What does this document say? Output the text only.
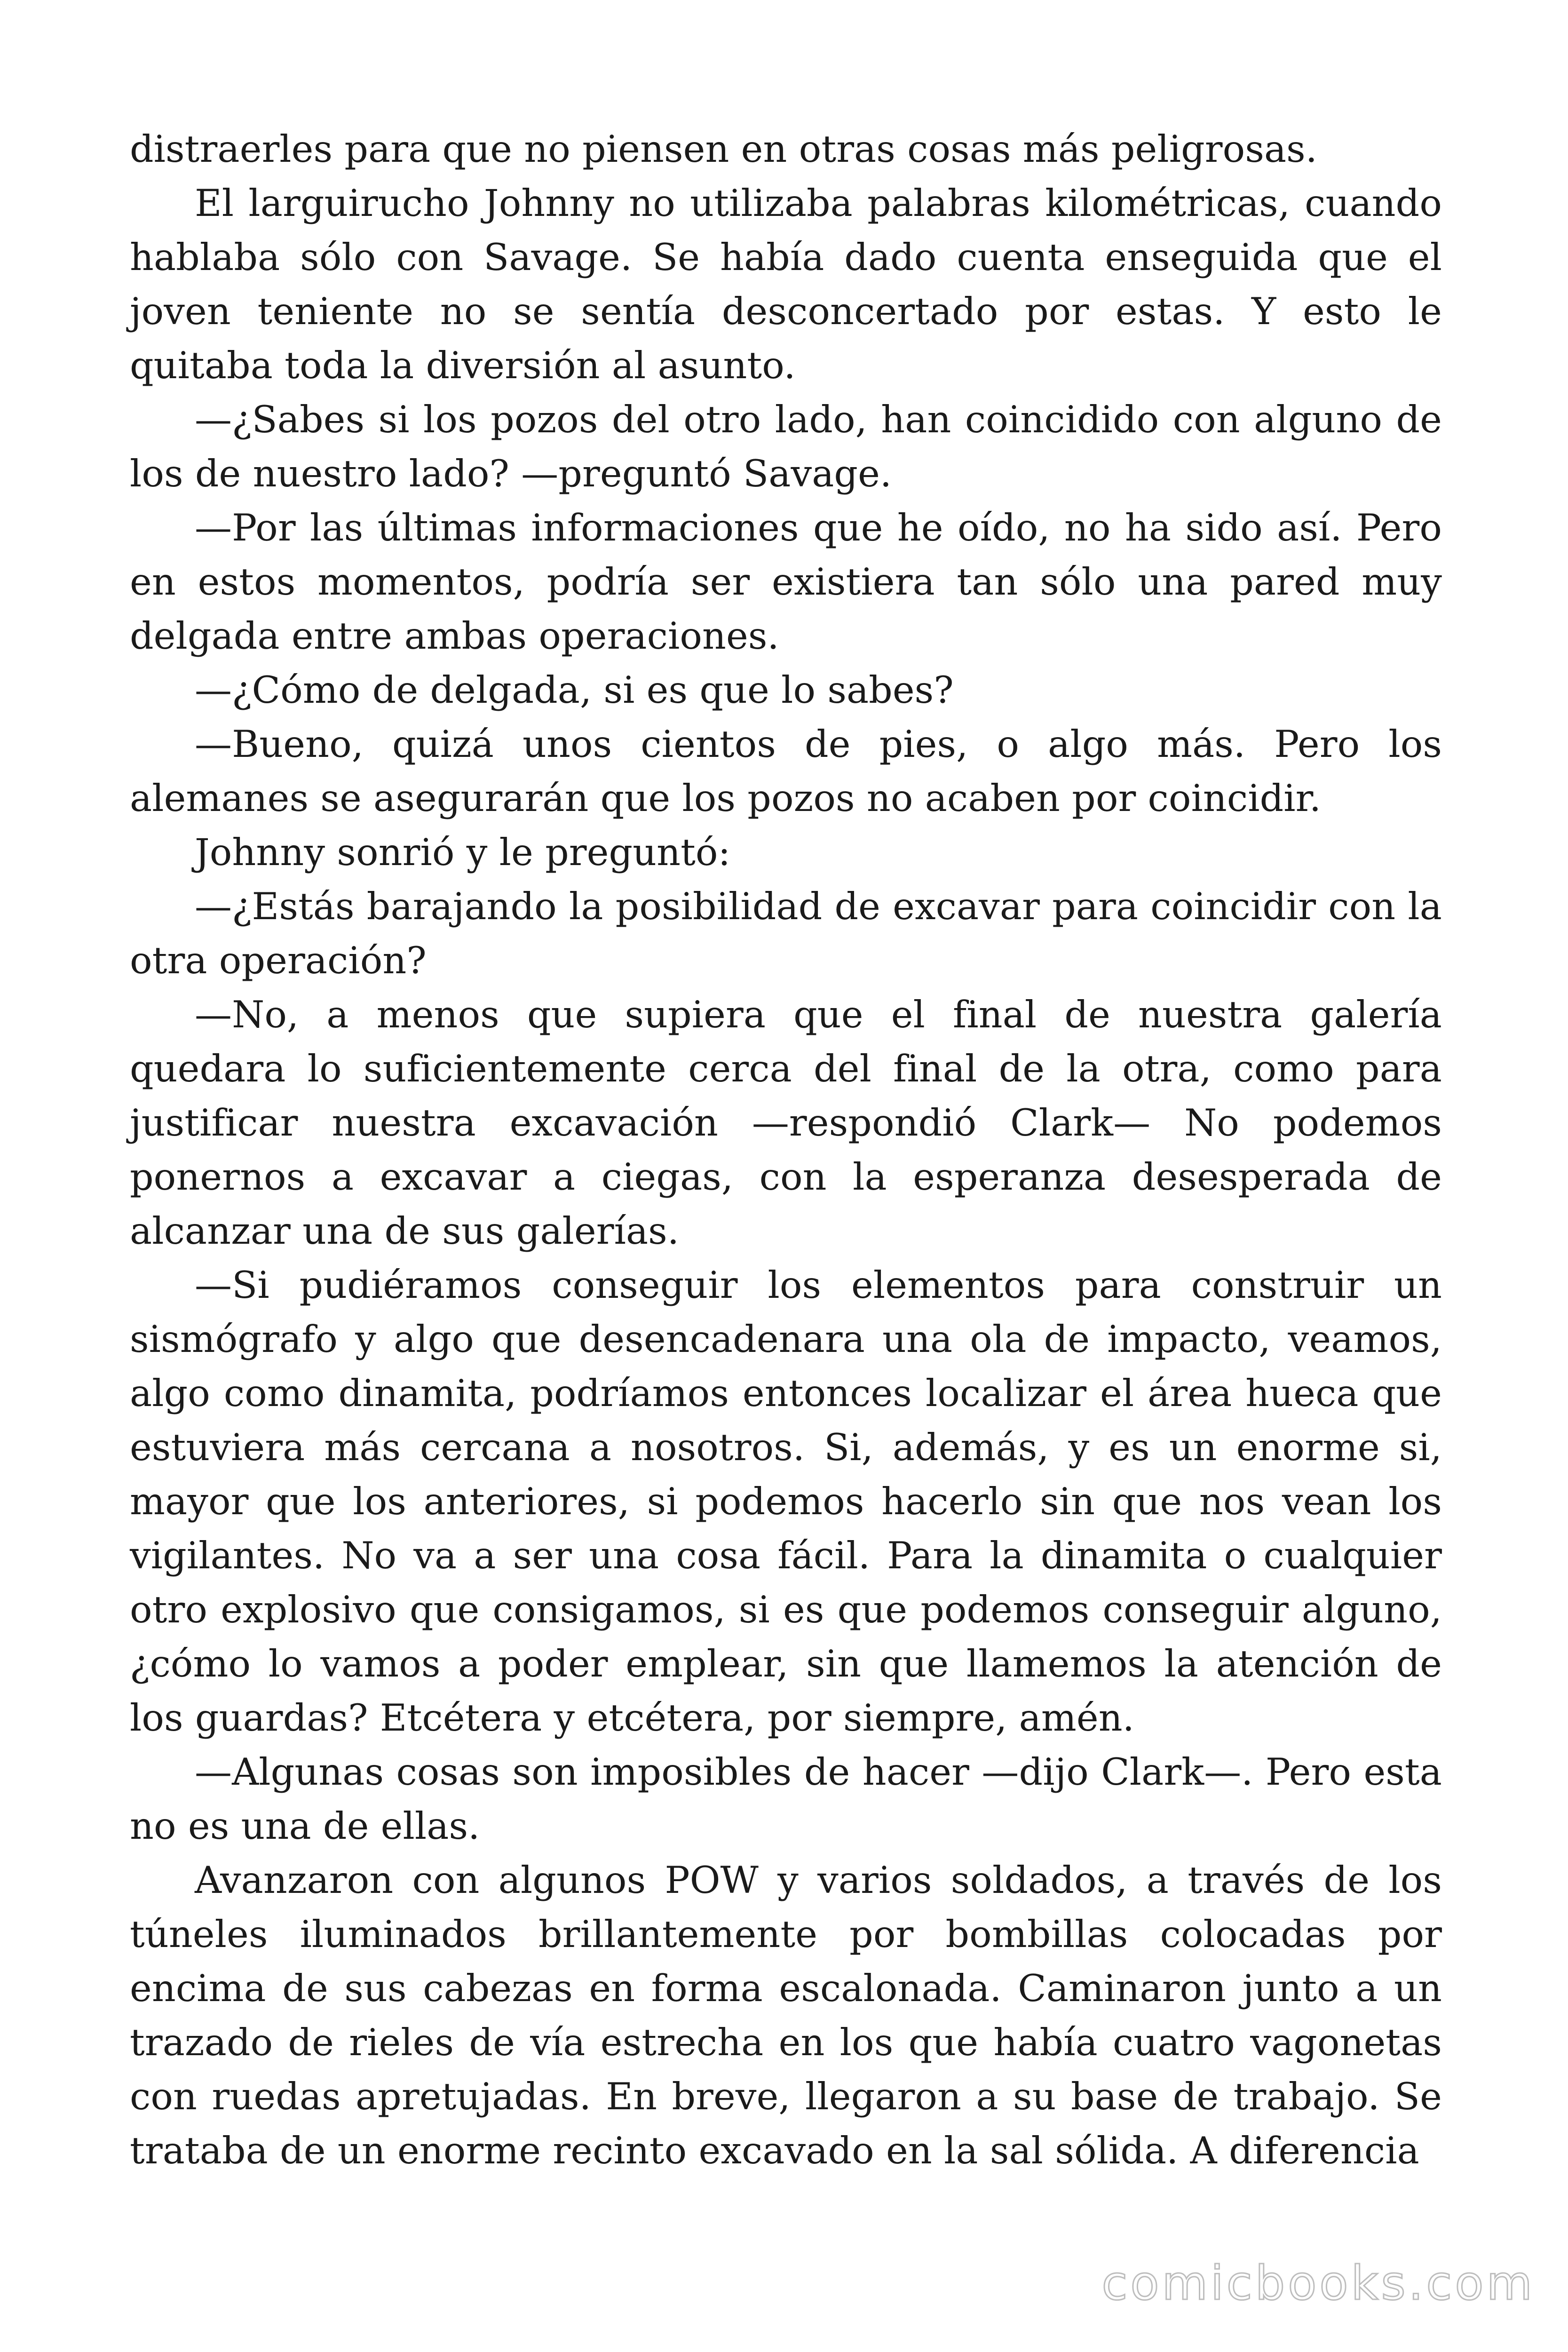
distraerles para que no piensen en otras cosas más peligrosas.

El larguirucho Johnny no utilizaba palabras kilométricas, cuando hablaba sólo con Savage. Se había dado cuenta enseguida que el joven teniente no se sentía desconcertado por estas. Y esto le quitaba toda la diversión al asunto.

—¿Sabes si los pozos del otro lado, han coincidido con alguno de los de nuestro lado? —preguntó Savage.

—Por las últimas informaciones que he oído, no ha sido así. Pero en estos momentos, podría ser existiera tan sólo una pared muy delgada entre ambas operaciones.

—¿Cómo de delgada, si es que lo sabes?

—Bueno, quizá unos cientos de pies, o algo más. Pero los alemanes se asegurarán que los pozos no acaben por coincidir.

Johnny sonrió y le preguntó:

—¿Estás barajando la posibilidad de excavar para coincidir con la otra operación?

—No, a menos que supiera que el final de nuestra galería quedara lo suficientemente cerca del final de la otra, como para justificar nuestra excavación —respondió Clark— No podemos ponernos a excavar a ciegas, con la esperanza desesperada de alcanzar una de sus galerías.

—Si pudiéramos conseguir los elementos para construir un sismógrafo y algo que desencadenara una ola de impacto, veamos, algo como dinamita, podríamos entonces localizar el área hueca que estuviera más cercana a nosotros. Si, además, y es un enorme si, mayor que los anteriores, si podemos hacerlo sin que nos vean los vigilantes. No va a ser una cosa fácil. Para la dinamita o cualquier otro explosivo que consigamos, si es que podemos conseguir alguno, ¿cómo lo vamos a poder emplear, sin que llamemos la atención de los guardas? Etcétera y etcétera, por siempre, amén.

—Algunas cosas son imposibles de hacer —dijo Clark—. Pero esta no es una de ellas.

Avanzaron con algunos POW y varios soldados, a través de los túneles iluminados brillantemente por bombillas colocadas por encima de sus cabezas en forma escalonada. Caminaron junto a un trazado de rieles de vía estrecha en los que había cuatro vagonetas con ruedas apretujadas. En breve, llegaron a su base de trabajo. Se trataba de un enorme recinto excavado en la sal sólida. A diferencia

comicbooks.com
